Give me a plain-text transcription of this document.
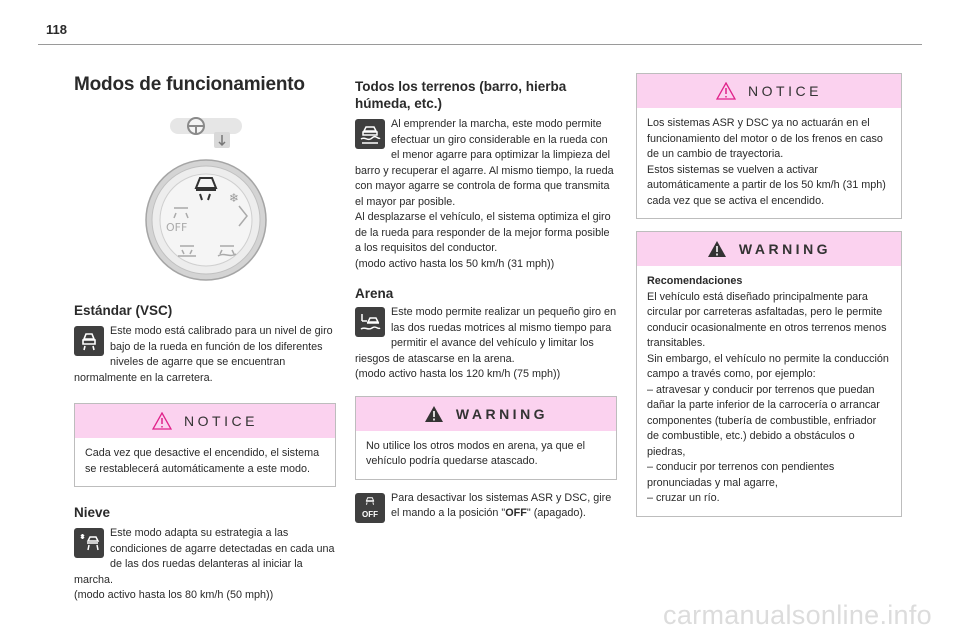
118
Modos de funcionamiento
❄
OFF
Estándar (VSC)

Este modo está calibrado para un nivel de giro bajo de la rueda en función de los diferentes niveles de agarre que se encuentran normalmente en la carretera.

NOTICE

Cada vez que desactive el encendido, el sistema se restablecerá automáticamente a este modo.

Nieve

Este modo adapta su estrategia a las condiciones de agarre detectadas en cada una de las dos ruedas delanteras al iniciar la marcha.

(modo activo hasta los 80 km/h (50 mph))

Todos los terrenos (barro, hierba húmeda, etc.)

Al emprender la marcha, este modo permite efectuar un giro considerable en la rueda con el menor agarre para optimizar la limpieza del barro y recuperar el agarre. Al mismo tiempo, la rueda con mayor agarre se controla de forma que transmita el mayor par posible.

Al desplazarse el vehículo, el sistema optimiza el giro de la rueda para responder de la mejor forma posible a los requisitos del conductor.

(modo activo hasta los 50 km/h (31 mph))

Arena

Este modo permite realizar un pequeño giro en las dos ruedas motrices al mismo tiempo para permitir el avance del vehículo y limitar los riesgos de atascarse en la arena.

(modo activo hasta los 120 km/h (75 mph))

WARNING

No utilice los otros modos en arena, ya que el vehículo podría quedarse atascado.

OFF

Para desactivar los sistemas ASR y DSC, gire el mando a la posición "OFF" (apagado).

NOTICE

Los sistemas ASR y DSC ya no actuarán en el funcionamiento del motor o de los frenos en caso de un cambio de trayectoria.

Estos sistemas se vuelven a activar automáticamente a partir de los 50 km/h (31 mph) cada vez que se activa el encendido.

WARNING

Recomendaciones

El vehículo está diseñado principalmente para circular por carreteras asfaltadas, pero le permite conducir ocasionalmente en otros terrenos menos transitables.

Sin embargo, el vehículo no permite la conducción campo a través como, por ejemplo:

– atravesar y conducir por terrenos que puedan dañar la parte inferior de la carrocería o arrancar componentes (tubería de combustible, enfriador de combustible, etc.) debido a obstáculos o piedras,

– conducir por terrenos con pendientes pronunciadas y mal agarre,

– cruzar un río.

carmanualsonline.info
